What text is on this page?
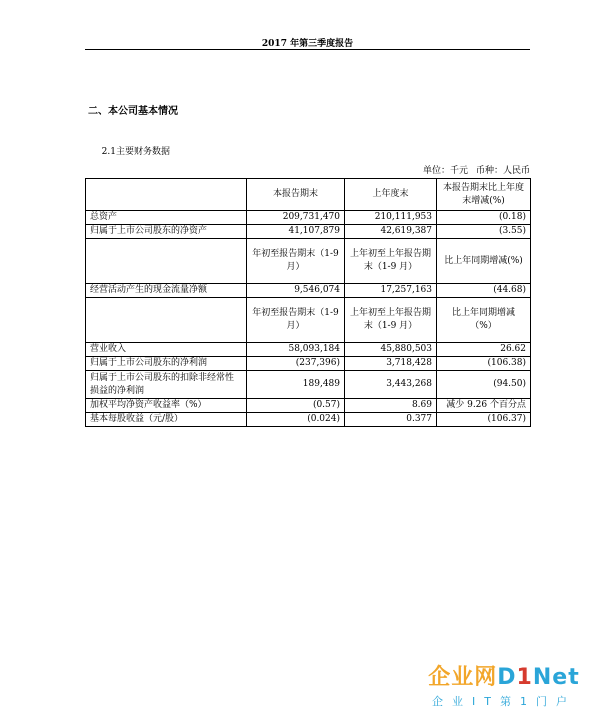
2017 年第三季度报告
二、本公司基本情况
2.1主要财务数据
单位：千元 币种：人民币
	本报告期末	上年度末	本报告期末比上年度末增减(%)
总资产	209,731,470	210,111,953	(0.18)
归属于上市公司股东的净资产	41,107,879	42,619,387	(3.55)
	年初至报告期末（1-9 月）	上年初至上年报告期末（1-9 月）	比上年同期增减(%)
经营活动产生的现金流量净额	9,546,074	17,257,163	(44.68)
	年初至报告期末（1-9 月）	上年初至上年报告期末（1-9 月）	比上年同期增减（%）
营业收入	58,093,184	45,880,503	26.62
归属于上市公司股东的净利润	(237,396)	3,718,428	(106.38)
归属于上市公司股东的扣除非经常性损益的净利润	189,489	3,443,268	(94.50)
加权平均净资产收益率（%）	(0.57)	8.69	减少 9.26 个百分点
基本每股收益（元/股）	(0.024)	0.377	(106.37)
企业网D1Net
企业IT第1门户
